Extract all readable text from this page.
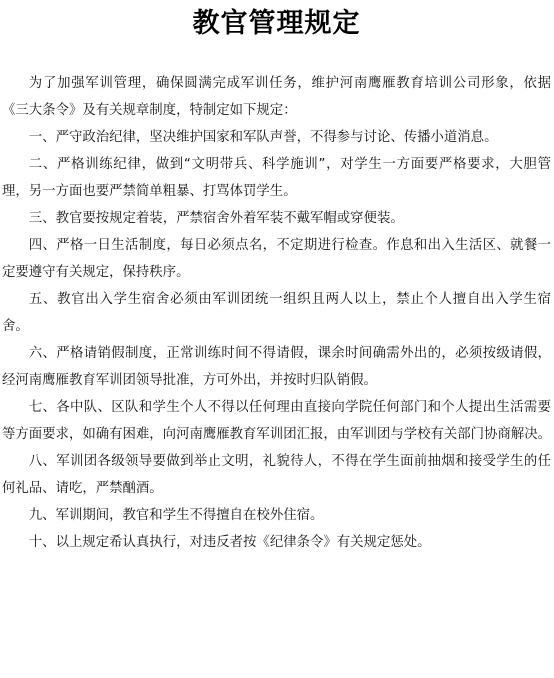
教官管理规定

为了加强军训管理，确保圆满完成军训任务，维护河南鹰雁教育培训公司形象，依据《三大条令》及有关规章制度，特制定如下规定：

一、严守政治纪律，坚决维护国家和军队声誉，不得参与讨论、传播小道消息。

二、严格训练纪律，做到“文明带兵、科学施训”，对学生一方面要严格要求，大胆管理，另一方面也要严禁简单粗暴、打骂体罚学生。

三、教官要按规定着装，严禁宿舍外着军装不戴军帽或穿便装。

四、严格一日生活制度，每日必须点名，不定期进行检查。作息和出入生活区、就餐一定要遵守有关规定，保持秩序。

五、教官出入学生宿舍必须由军训团统一组织且两人以上，禁止个人擅自出入学生宿舍。

六、严格请销假制度，正常训练时间不得请假，课余时间确需外出的，必须按级请假，经河南鹰雁教育军训团领导批准，方可外出，并按时归队销假。

七、各中队、区队和学生个人不得以任何理由直接向学院任何部门和个人提出生活需要等方面要求，如确有困难，向河南鹰雁教育军训团汇报，由军训团与学校有关部门协商解决。

八、军训团各级领导要做到举止文明，礼貌待人，不得在学生面前抽烟和接受学生的任何礼品、请吃，严禁酗酒。

九、军训期间，教官和学生不得擅自在校外住宿。

十、以上规定希认真执行，对违反者按《纪律条令》有关规定惩处。
